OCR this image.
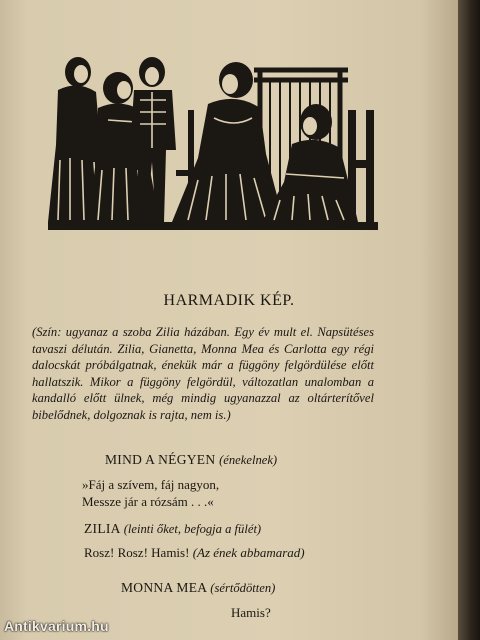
HARMADIK KÉP.
(Szín: ugyanaz a szoba Zilia házában. Egy év mult el. Napsütéses tavaszi délután. Zilia, Gianetta, Monna Mea és Carlotta egy régi dalocskát próbálgatnak, énekük már a függöny felgördülése előtt hallatszik. Mikor a függöny felgördül, változatlan unalomban a kandalló előtt ülnek, még mindig ugyanazzal az oltárterítővel bibelődnek, dolgoznak is rajta, nem is.)
MIND A NÉGYEN (énekelnek)
»Fáj a szívem, fáj nagyon,
Messze jár a rózsám . . .«
ZILIA (leinti őket, befogja a fülét)
Rosz! Rosz! Hamis! (Az ének abbamarad)
MONNA MEA (sértődötten)
Hamis?
Antikvarium.hu
